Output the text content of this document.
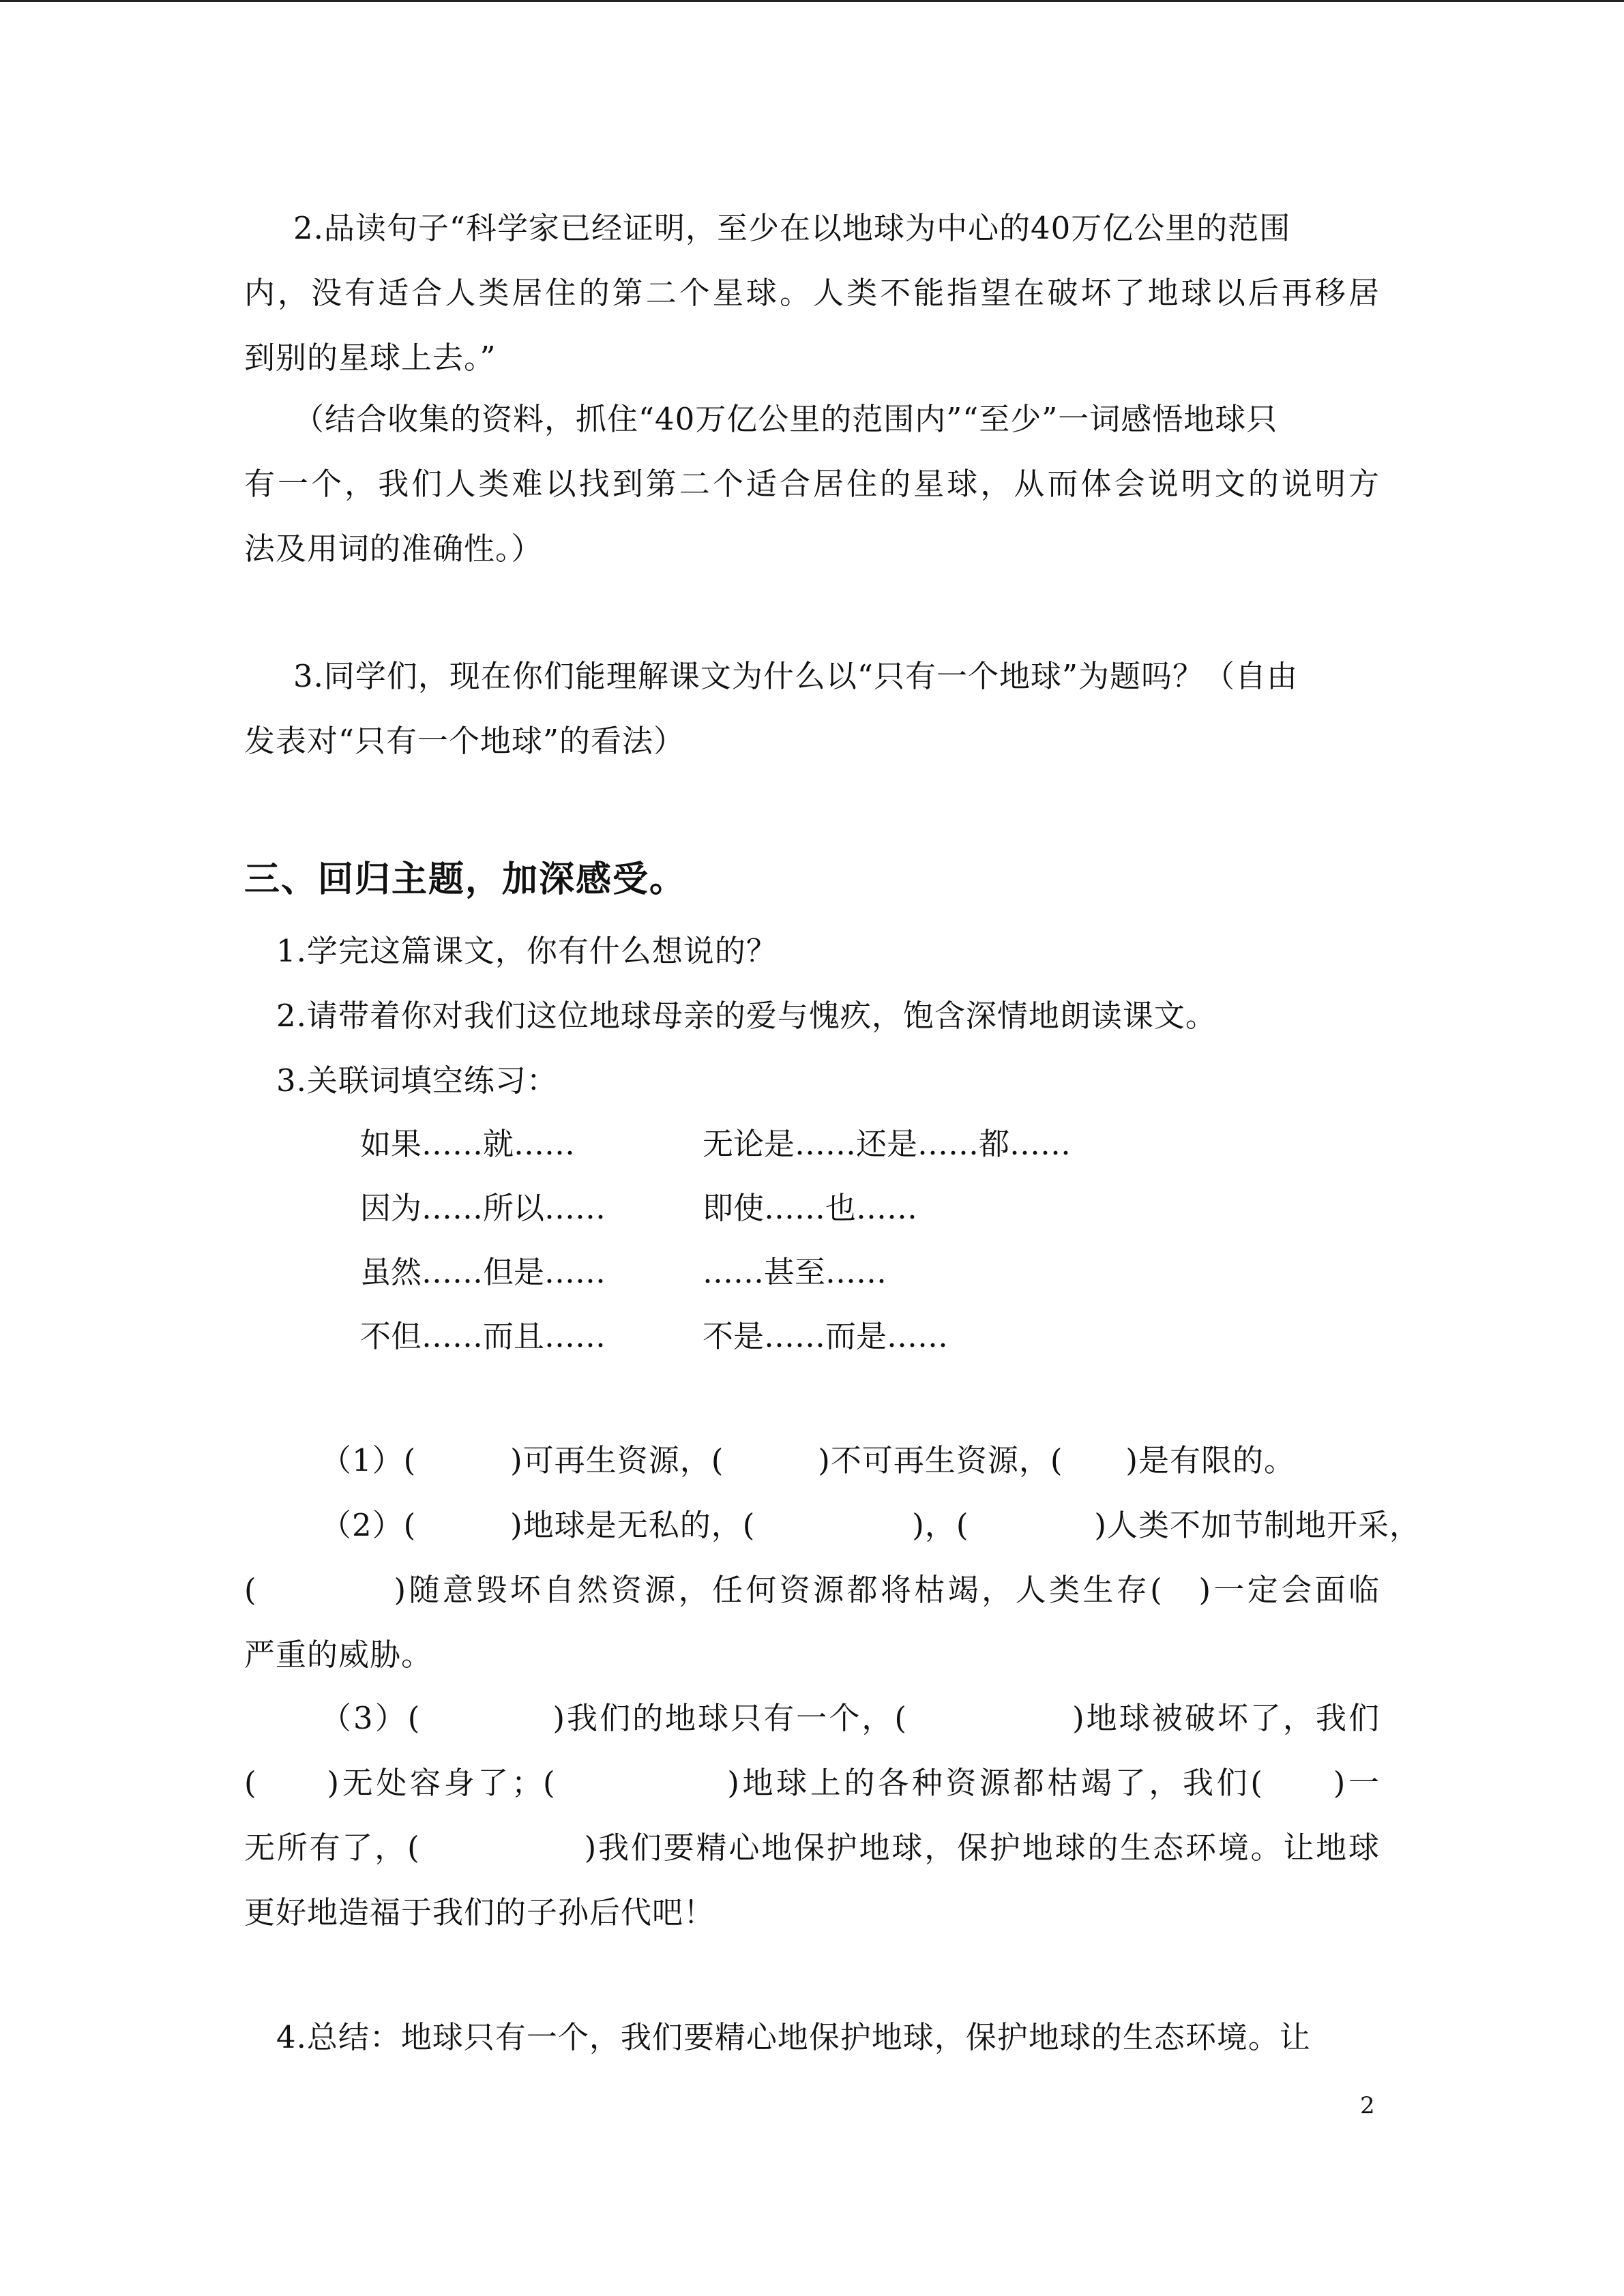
2.品读句子“科学家已经证明，至少在以地球为中心的40万亿公里的范围
内，没有适合人类居住的第二个星球。人类不能指望在破坏了地球以后再移居
到别的星球上去。”
（结合收集的资料，抓住“40万亿公里的范围内”“至少”一词感悟地球只
有一个，我们人类难以找到第二个适合居住的星球，从而体会说明文的说明方
法及用词的准确性。）
3.同学们，现在你们能理解课文为什么以“只有一个地球”为题吗？（自由
发表对“只有一个地球”的看法）
三、回归主题，加深感受。
1.学完这篇课文，你有什么想说的？
2.请带着你对我们这位地球母亲的爱与愧疚，饱含深情地朗读课文。
3.关联词填空练习：
如果……就……	无论是……还是……都……
因为……所以……	即使……也……
虽然……但是……	……甚至……
不但……而且……	不是……而是……
（1）(　　　)可再生资源，(　　　)不可再生资源，(　　)是有限的。
（2）(　　　)地球是无私的，(　　　　　)，(　　　　)人类不加节制地开采，
(　　　　)随意毁坏自然资源，任何资源都将枯竭，人类生存(　)一定会面临
严重的威胁。
（3）(　　　　)我们的地球只有一个，(　　　　　)地球被破坏了，我们
(　　)无处容身了；(　　　　　)地球上的各种资源都枯竭了，我们(　　)一
无所有了，(　　　　　)我们要精心地保护地球，保护地球的生态环境。让地球
更好地造福于我们的子孙后代吧！
4.总结：地球只有一个，我们要精心地保护地球，保护地球的生态环境。让
2
